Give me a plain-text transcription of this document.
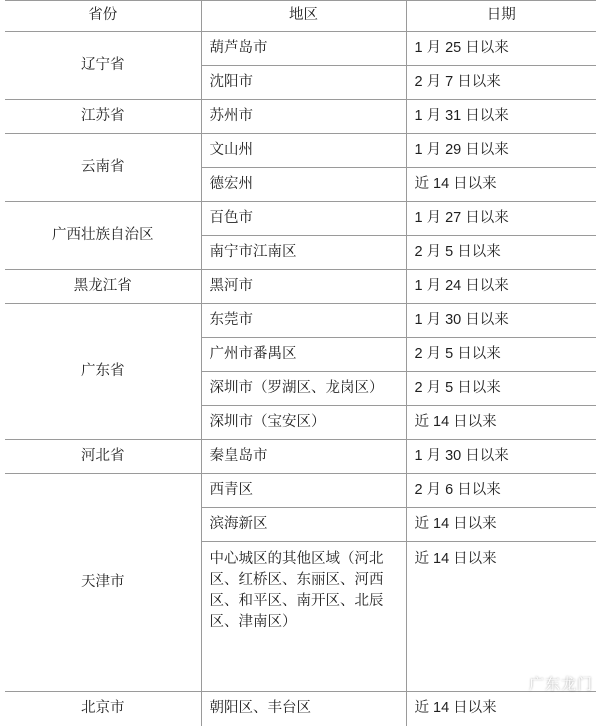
省份	地区	日期
辽宁省	葫芦岛市	1 月 25 日以来
	沈阳市	2 月 7 日以来
江苏省	苏州市	1 月 31 日以来
云南省	文山州	1 月 29 日以来
	德宏州	近 14 日以来
广西壮族自治区	百色市	1 月 27 日以来
	南宁市江南区	2 月 5 日以来
黑龙江省	黑河市	1 月 24 日以来
广东省	东莞市	1 月 30 日以来
	广州市番禺区	2 月 5 日以来
	深圳市（罗湖区、龙岗区）	2 月 5 日以来
	深圳市（宝安区）	近 14 日以来
河北省	秦皇岛市	1 月 30 日以来
天津市	西青区	2 月 6 日以来
	滨海新区	近 14 日以来
	中心城区的其他区域（河北区、红桥区、东丽区、河西区、和平区、南开区、北辰区、津南区）	近 14 日以来
北京市	朝阳区、丰台区	近 14 日以来
广东龙门
